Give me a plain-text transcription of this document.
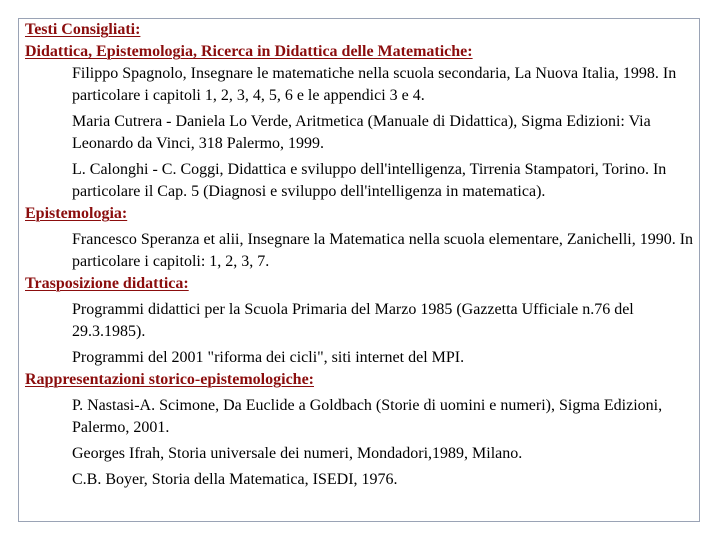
Testi Consigliati:

Didattica, Epistemologia, Ricerca in Didattica delle Matematiche:

Filippo Spagnolo, Insegnare le matematiche nella scuola secondaria, La Nuova Italia, 1998. In particolare i capitoli 1, 2, 3, 4, 5, 6 e le appendici 3 e 4.

Maria Cutrera - Daniela Lo Verde, Aritmetica (Manuale di Didattica), Sigma Edizioni: Via Leonardo da Vinci, 318 Palermo, 1999.

L. Calonghi - C. Coggi, Didattica e sviluppo dell'intelligenza, Tirrenia Stampatori, Torino. In particolare il Cap. 5 (Diagnosi e sviluppo dell'intelligenza in matematica).

Epistemologia:

Francesco Speranza et alii, Insegnare la Matematica nella scuola elementare, Zanichelli, 1990. In particolare i capitoli: 1, 2, 3, 7.

Trasposizione didattica:

Programmi didattici per la Scuola Primaria del Marzo 1985 (Gazzetta Ufficiale n.76 del 29.3.1985).

Programmi del 2001 "riforma dei cicli", siti internet del MPI.

Rappresentazioni storico-epistemologiche:

P. Nastasi-A. Scimone, Da Euclide a Goldbach (Storie di uomini e numeri), Sigma Edizioni, Palermo, 2001.

Georges Ifrah, Storia universale dei numeri, Mondadori,1989, Milano.

C.B. Boyer, Storia della Matematica, ISEDI, 1976.
